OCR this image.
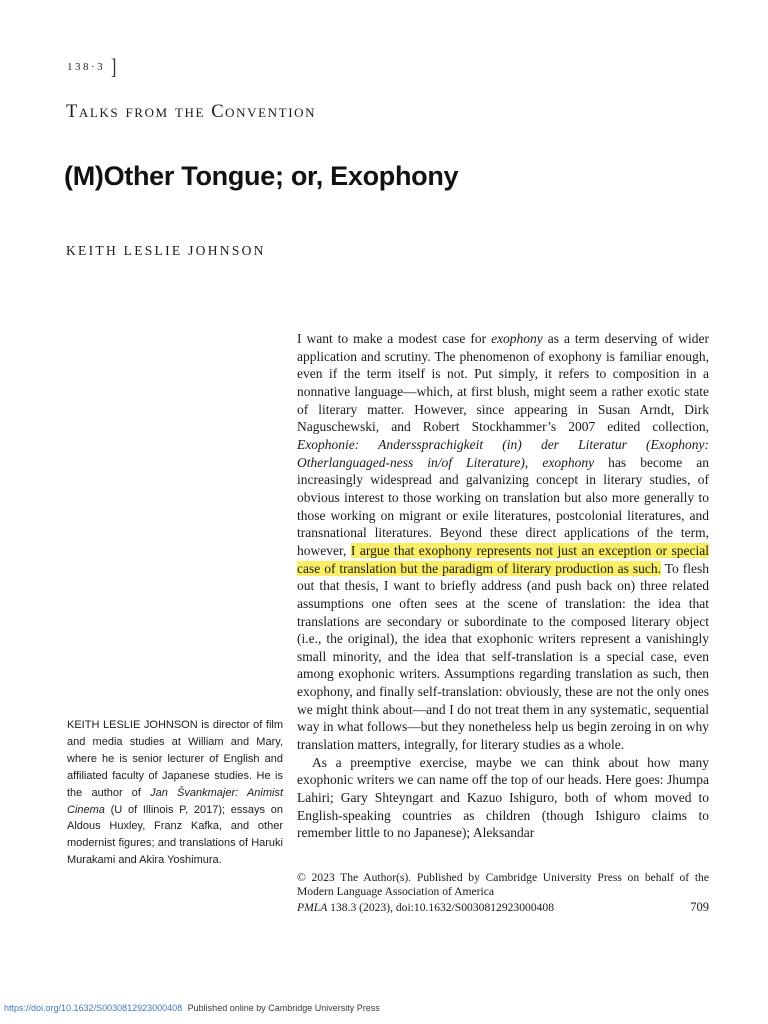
138·3 ]
Talks from the Convention
(M)Other Tongue; or, Exophony
KEITH LESLIE JOHNSON

I want to make a modest case for exophony as a term deserving of wider application and scrutiny. The phenomenon of exophony is familiar enough, even if the term itself is not. Put simply, it refers to composition in a nonnative language—which, at first blush, might seem a rather exotic state of literary matter. However, since appearing in Susan Arndt, Dirk Naguschewski, and Robert Stockhammer’s 2007 edited collection, Exophonie: Anderssprachigkeit (in) der Literatur (Exophony: Otherlanguaged-ness in/of Literature), exophony has become an increasingly widespread and galvanizing concept in literary studies, of obvious interest to those working on translation but also more generally to those working on migrant or exile literatures, postcolonial literatures, and transnational literatures. Beyond these direct applications of the term, however, I argue that exophony represents not just an exception or special case of translation but the paradigm of literary production as such. To flesh out that thesis, I want to briefly address (and push back on) three related assumptions one often sees at the scene of translation: the idea that translations are secondary or subordinate to the composed literary object (i.e., the original), the idea that exophonic writers represent a vanishingly small minority, and the idea that self-translation is a special case, even among exophonic writers. Assumptions regarding translation as such, then exophony, and finally self-translation: obviously, these are not the only ones we might think about—and I do not treat them in any systematic, sequential way in what follows—but they nonetheless help us begin zeroing in on why translation matters, integrally, for literary studies as a whole.

As a preemptive exercise, maybe we can think about how many exophonic writers we can name off the top of our heads. Here goes: Jhumpa Lahiri; Gary Shteyngart and Kazuo Ishiguro, both of whom moved to English-speaking countries as children (though Ishiguro claims to remember little to no Japanese); Aleksandar

KEITH LESLIE JOHNSON is director of film and media studies at William and Mary, where he is senior lecturer of English and affiliated faculty of Japanese studies. He is the author of Jan Švankmajer: Animist Cinema (U of Illinois P, 2017); essays on Aldous Huxley, Franz Kafka, and other modernist figures; and translations of Haruki Murakami and Akira Yoshimura.
© 2023 The Author(s). Published by Cambridge University Press on behalf of the Modern Language Association of America
PMLA 138.3 (2023), doi:10.1632/S0030812923000408	709
https://doi.org/10.1632/S0030812923000408 Published online by Cambridge University Press
